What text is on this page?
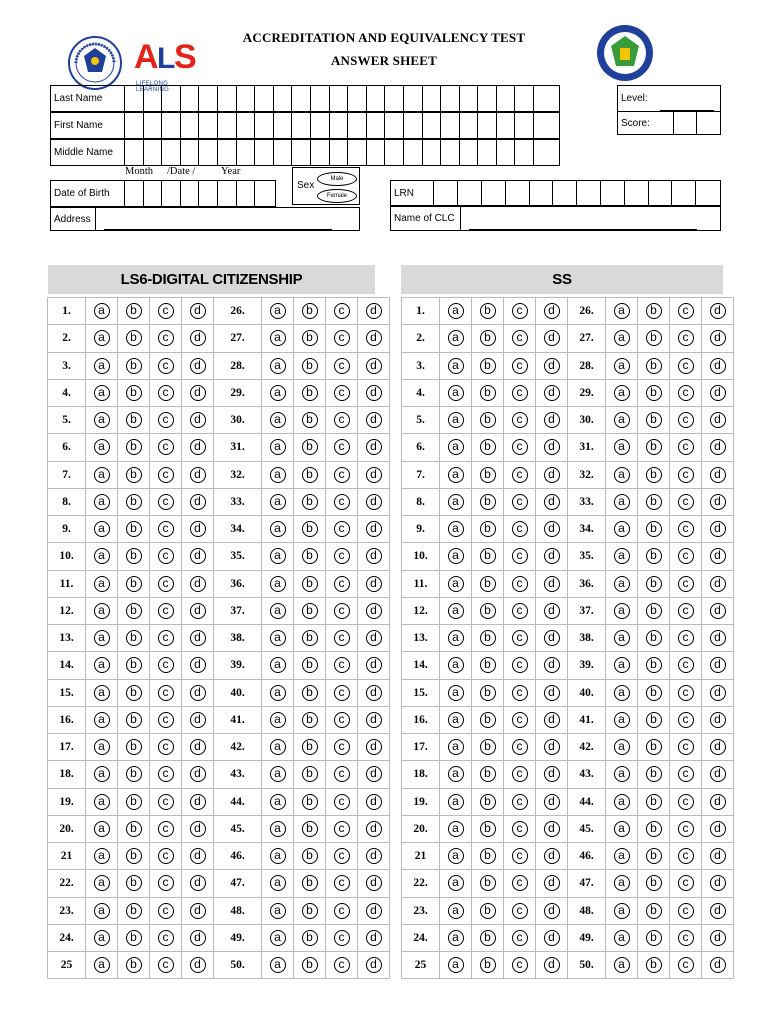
A
L
S
LIFELONG LEARNING
ACCREDITATION AND EQUIVALENCY TEST
ANSWER SHEET
Last Name
First Name
Middle Name
Level:
Score:
Month /Date / Year
Date of Birth
Sex
Male
Female
Address
LRN
Name of CLC
LS6-DIGITAL CITIZENSHIP	SS
1.	a	b	c	d	26.	a	b	c	d
2.	a	b	c	d	27.	a	b	c	d
3.	a	b	c	d	28.	a	b	c	d
4.	a	b	c	d	29.	a	b	c	d
5.	a	b	c	d	30.	a	b	c	d
6.	a	b	c	d	31.	a	b	c	d
7.	a	b	c	d	32.	a	b	c	d
8.	a	b	c	d	33.	a	b	c	d
9.	a	b	c	d	34.	a	b	c	d
10.	a	b	c	d	35.	a	b	c	d
11.	a	b	c	d	36.	a	b	c	d
12.	a	b	c	d	37.	a	b	c	d
13.	a	b	c	d	38.	a	b	c	d
14.	a	b	c	d	39.	a	b	c	d
15.	a	b	c	d	40.	a	b	c	d
16.	a	b	c	d	41.	a	b	c	d
17.	a	b	c	d	42.	a	b	c	d
18.	a	b	c	d	43.	a	b	c	d
19.	a	b	c	d	44.	a	b	c	d
20.	a	b	c	d	45.	a	b	c	d
21	a	b	c	d	46.	a	b	c	d
22.	a	b	c	d	47.	a	b	c	d
23.	a	b	c	d	48.	a	b	c	d
24.	a	b	c	d	49.	a	b	c	d
25	a	b	c	d	50.	a	b	c	d
1.	a	b	c	d	26.	a	b	c	d
2.	a	b	c	d	27.	a	b	c	d
3.	a	b	c	d	28.	a	b	c	d
4.	a	b	c	d	29.	a	b	c	d
5.	a	b	c	d	30.	a	b	c	d
6.	a	b	c	d	31.	a	b	c	d
7.	a	b	c	d	32.	a	b	c	d
8.	a	b	c	d	33.	a	b	c	d
9.	a	b	c	d	34.	a	b	c	d
10.	a	b	c	d	35.	a	b	c	d
11.	a	b	c	d	36.	a	b	c	d
12.	a	b	c	d	37.	a	b	c	d
13.	a	b	c	d	38.	a	b	c	d
14.	a	b	c	d	39.	a	b	c	d
15.	a	b	c	d	40.	a	b	c	d
16.	a	b	c	d	41.	a	b	c	d
17.	a	b	c	d	42.	a	b	c	d
18.	a	b	c	d	43.	a	b	c	d
19.	a	b	c	d	44.	a	b	c	d
20.	a	b	c	d	45.	a	b	c	d
21	a	b	c	d	46.	a	b	c	d
22.	a	b	c	d	47.	a	b	c	d
23.	a	b	c	d	48.	a	b	c	d
24.	a	b	c	d	49.	a	b	c	d
25	a	b	c	d	50.	a	b	c	d
